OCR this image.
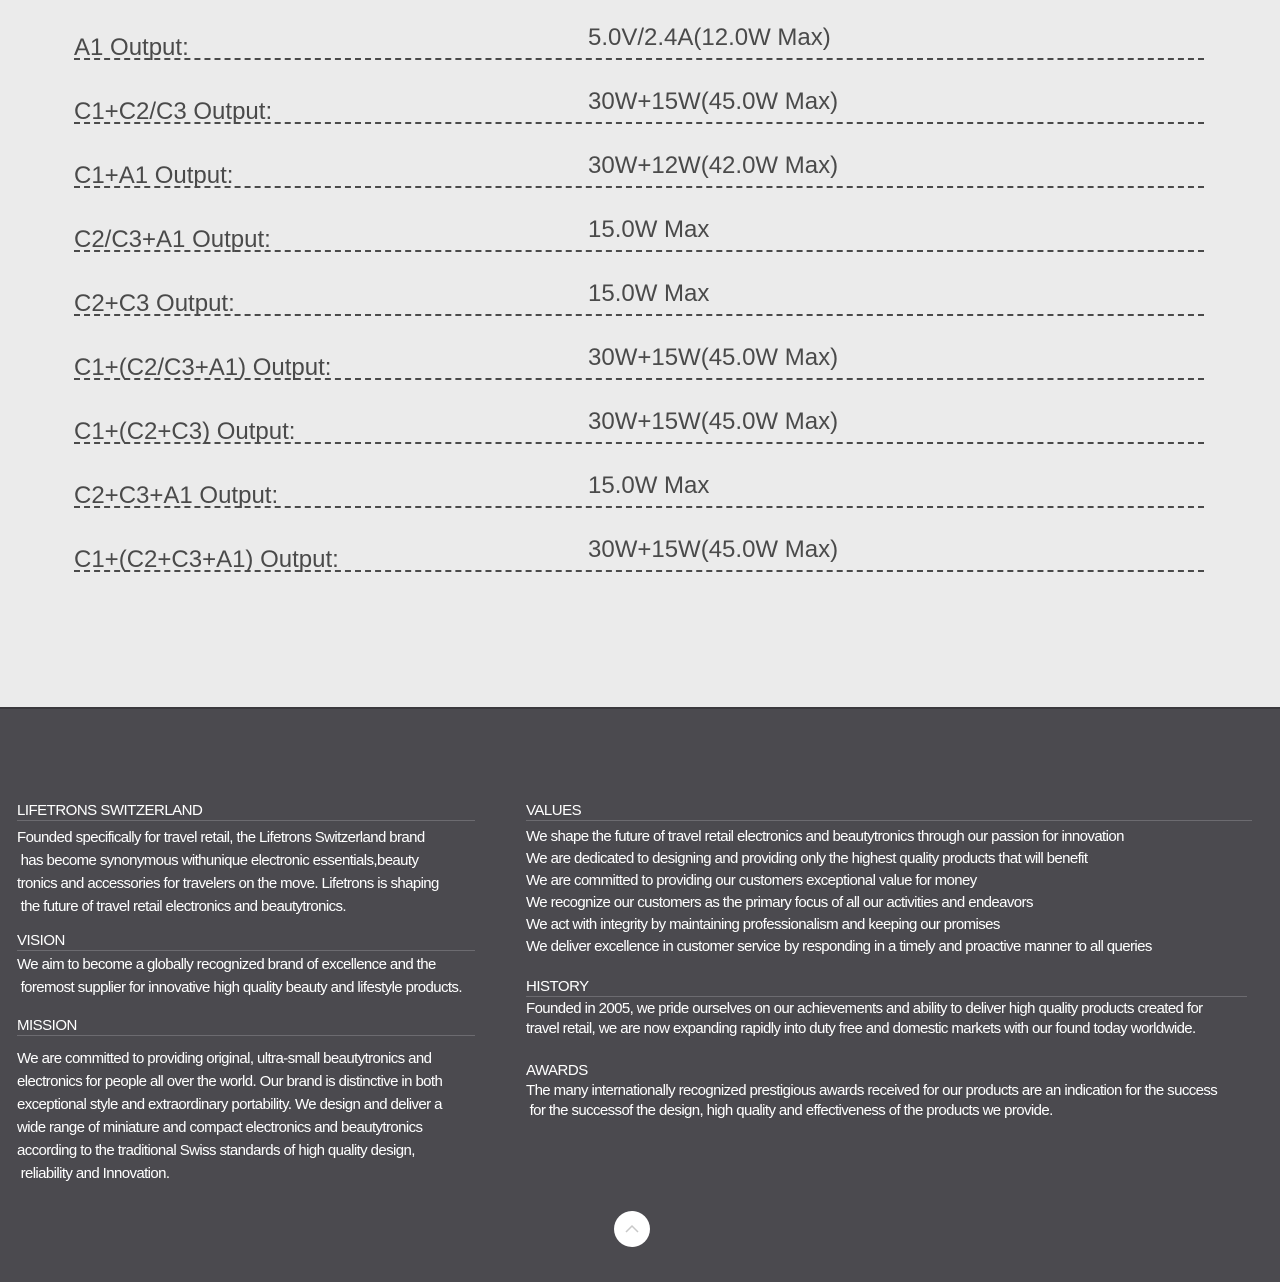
A1 Output:	5.0V/2.4A(12.0W Max)
C1+C2/C3 Output:	30W+15W(45.0W Max)
C1+A1 Output:	30W+12W(42.0W Max)
C2/C3+A1 Output:	15.0W Max
C2+C3 Output:	15.0W Max
C1+(C2/C3+A1) Output:	30W+15W(45.0W Max)
C1+(C2+C3) Output:	30W+15W(45.0W Max)
C2+C3+A1 Output:	15.0W Max
C1+(C2+C3+A1) Output:	30W+15W(45.0W Max)
LIFETRONS SWITZERLAND

Founded specifically for travel retail, the Lifetrons Switzerland brand
has become synonymous withunique electronic essentials,beauty
tronics and accessories for travelers on the move. Lifetrons is shaping
the future of travel retail electronics and beautytronics.

VISION

We aim to become a globally recognized brand of excellence and the
foremost supplier for innovative high quality beauty and lifestyle products.

MISSION

We are committed to providing original, ultra-small beautytronics and
electronics for people all over the world. Our brand is distinctive in both
exceptional style and extraordinary portability. We design and deliver a
wide range of miniature and compact electronics and beautytronics
according to the traditional Swiss standards of high quality design,
reliability and Innovation.

VALUES

We shape the future of travel retail electronics and beautytronics through our passion for innovation
We are dedicated to designing and providing only the highest quality products that will benefit
We are committed to providing our customers exceptional value for money
We recognize our customers as the primary focus of all our activities and endeavors
We act with integrity by maintaining professionalism and keeping our promises
We deliver excellence in customer service by responding in a timely and proactive manner to all queries

HISTORY

Founded in 2005, we pride ourselves on our achievements and ability to deliver high quality products created for
travel retail, we are now expanding rapidly into duty free and domestic markets with our found today worldwide.

AWARDS

The many internationally recognized prestigious awards received for our products are an indication for the success
for the successof the design, high quality and effectiveness of the products we provide.
